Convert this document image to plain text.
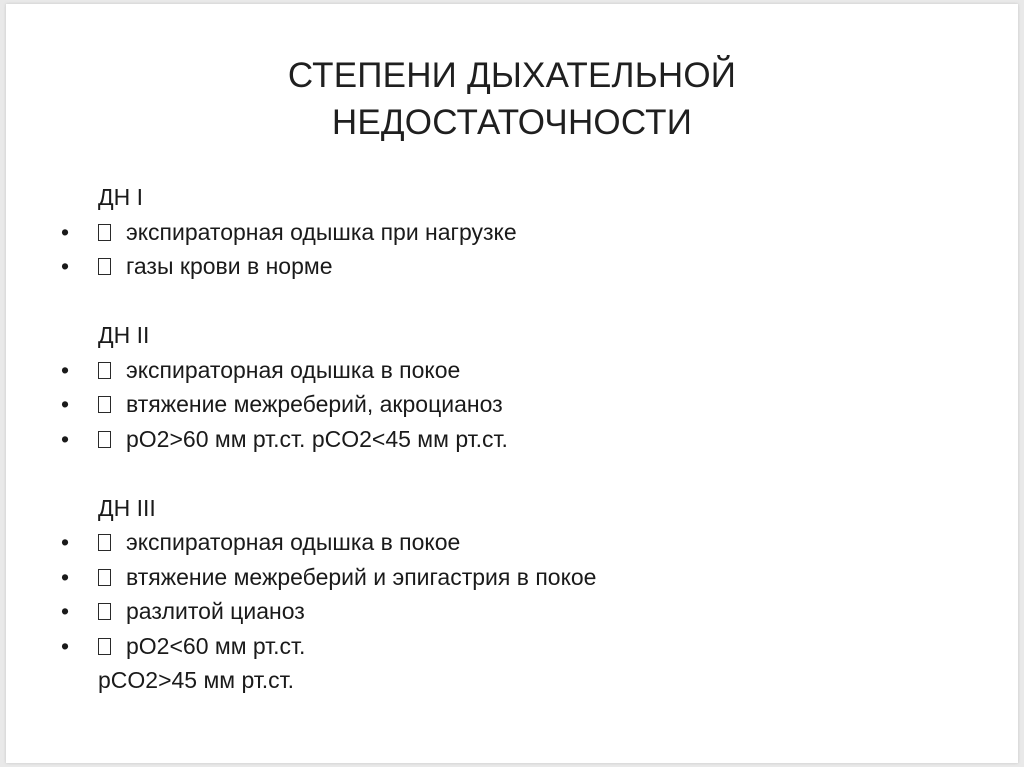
СТЕПЕНИ ДЫХАТЕЛЬНОЙ
НЕДОСТАТОЧНОСТИ
ДН I
• экспираторная одышка при нагрузке
• газы крови в норме
ДН II
• экспираторная одышка в покое
• втяжение межреберий, акроцианоз
• pO2>60 мм рт.ст. pCO2<45 мм рт.ст.
ДН III
• экспираторная одышка в покое
• втяжение межреберий и эпигастрия в покое
• разлитой цианоз
• pO2<60 мм рт.ст.
pCO2>45 мм рт.ст.
